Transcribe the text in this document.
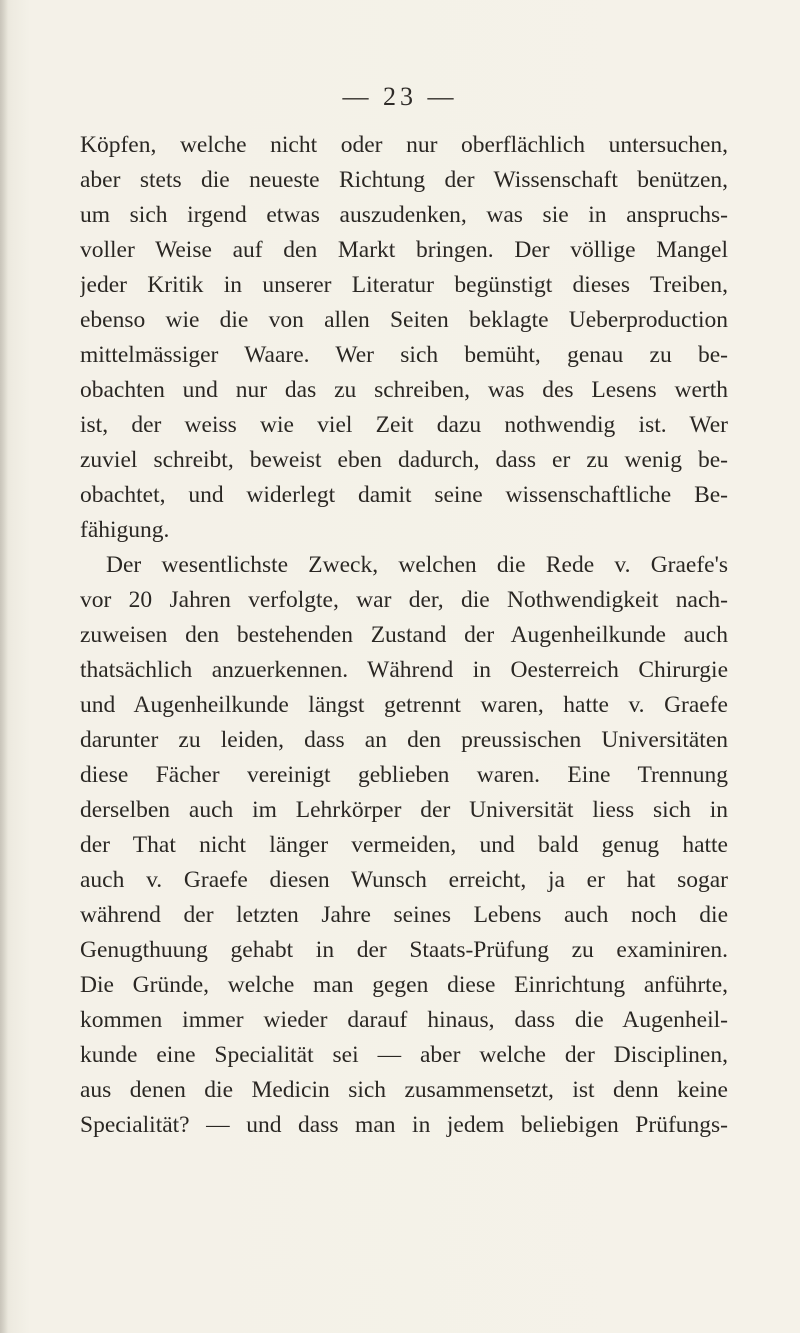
— 23 —
Köpfen, welche nicht oder nur oberflächlich untersuchen,
aber stets die neueste Richtung der Wissenschaft benützen,
um sich irgend etwas auszudenken, was sie in anspruchs-
voller Weise auf den Markt bringen. Der völlige Mangel
jeder Kritik in unserer Literatur begünstigt dieses Treiben,
ebenso wie die von allen Seiten beklagte Ueberproduction
mittelmässiger Waare. Wer sich bemüht, genau zu be-
obachten und nur das zu schreiben, was des Lesens werth
ist, der weiss wie viel Zeit dazu nothwendig ist. Wer
zuviel schreibt, beweist eben dadurch, dass er zu wenig be-
obachtet, und widerlegt damit seine wissenschaftliche Be-
fähigung.
Der wesentlichste Zweck, welchen die Rede v. Graefe's
vor 20 Jahren verfolgte, war der, die Nothwendigkeit nach-
zuweisen den bestehenden Zustand der Augenheilkunde auch
thatsächlich anzuerkennen. Während in Oesterreich Chirurgie
und Augenheilkunde längst getrennt waren, hatte v. Graefe
darunter zu leiden, dass an den preussischen Universitäten
diese Fächer vereinigt geblieben waren. Eine Trennung
derselben auch im Lehrkörper der Universität liess sich in
der That nicht länger vermeiden, und bald genug hatte
auch v. Graefe diesen Wunsch erreicht, ja er hat sogar
während der letzten Jahre seines Lebens auch noch die
Genugthuung gehabt in der Staats-Prüfung zu examiniren.
Die Gründe, welche man gegen diese Einrichtung anführte,
kommen immer wieder darauf hinaus, dass die Augenheil-
kunde eine Specialität sei — aber welche der Disciplinen,
aus denen die Medicin sich zusammensetzt, ist denn keine
Specialität? — und dass man in jedem beliebigen Prüfungs-
